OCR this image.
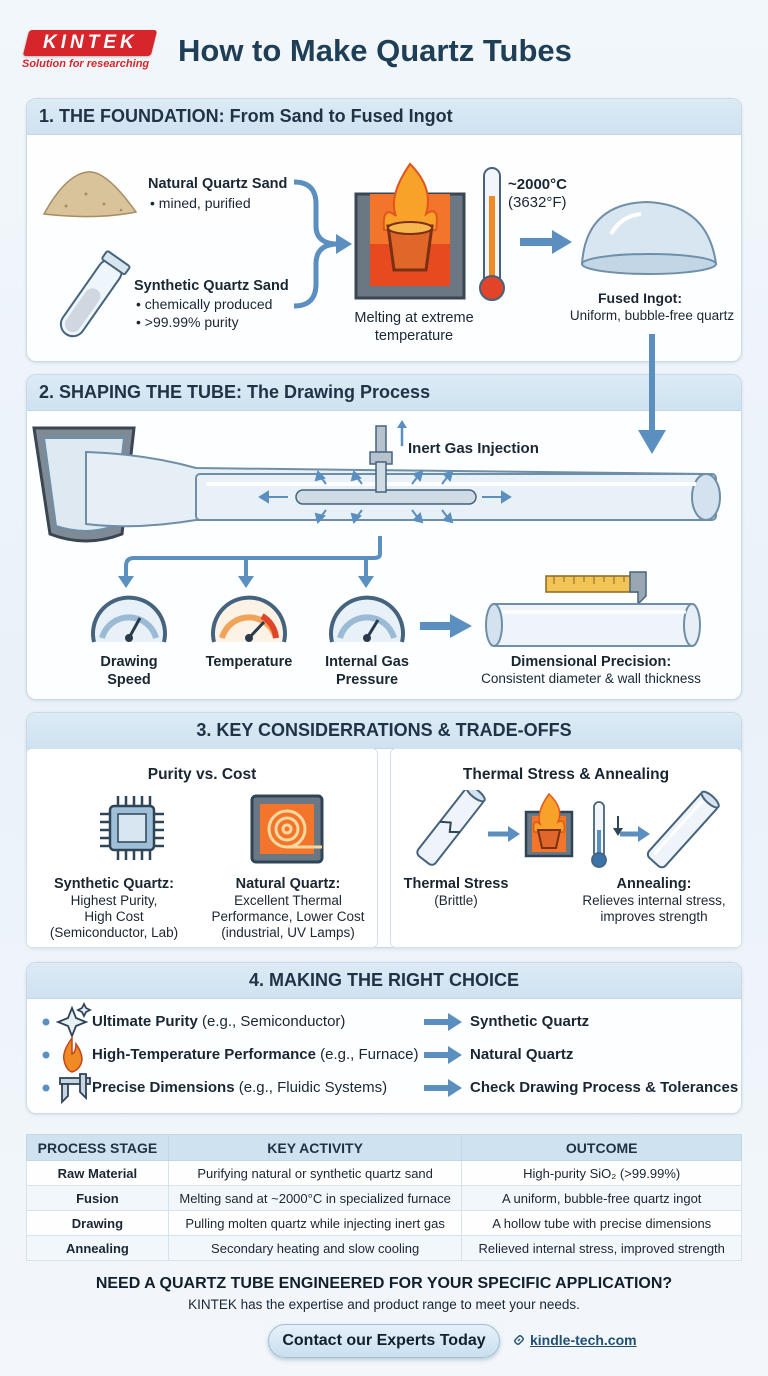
KINTEK
Solution for researching How to Make Quartz Tubes
1. THE FOUNDATION: From Sand to Fused Ingot
Natural Quartz Sand
• mined, purified
Synthetic Quartz Sand
• chemically produced
• >99.99% purity	Melting at extreme
temperature
~2000°C
(3632°F)
Fused Ingot:
Uniform, bubble-free quartz
2. SHAPING THE TUBE: The Drawing Process
Inert Gas Injection
Drawing
Speed
Temperature	Internal Gas
Pressure
Dimensional Precision:
Consistent diameter & wall thickness
3. KEY CONSIDERRATIONS & TRADE-OFFS
Purity vs. Cost	Thermal Stress & Annealing
Synthetic Quartz:
Highest Purity,
High Cost
(Semiconductor, Lab)
Natural Quartz:
Excellent Thermal
Performance, Lower Cost
(industrial, UV Lamps)
Thermal Stress
(Brittle)
Annealing:
Relieves internal stress,
improves strength
4. MAKING THE RIGHT CHOICE
Ultimate Purity (e.g., Semiconductor)	Synthetic Quartz
High-Temperature Performance (e.g., Furnace)	Natural Quartz
Precise Dimensions (e.g., Fluidic Systems)	Check Drawing Process & Tolerances
PROCESS STAGE	KEY ACTIVITY	OUTCOME
Raw Material	Purifying natural or synthetic quartz sand	High-purity SiO₂ (>99.99%)
Fusion	Melting sand at ~2000°C in specialized furnace	A uniform, bubble-free quartz ingot
Drawing	Pulling molten quartz while injecting inert gas	A hollow tube with precise dimensions
Annealing	Secondary heating and slow cooling	Relieved internal stress, improved strength
NEED A QUARTZ TUBE ENGINEERED FOR YOUR SPECIFIC APPLICATION?
KINTEK has the expertise and product range to meet your needs.
Contact our Experts Today	kindle-tech.com
